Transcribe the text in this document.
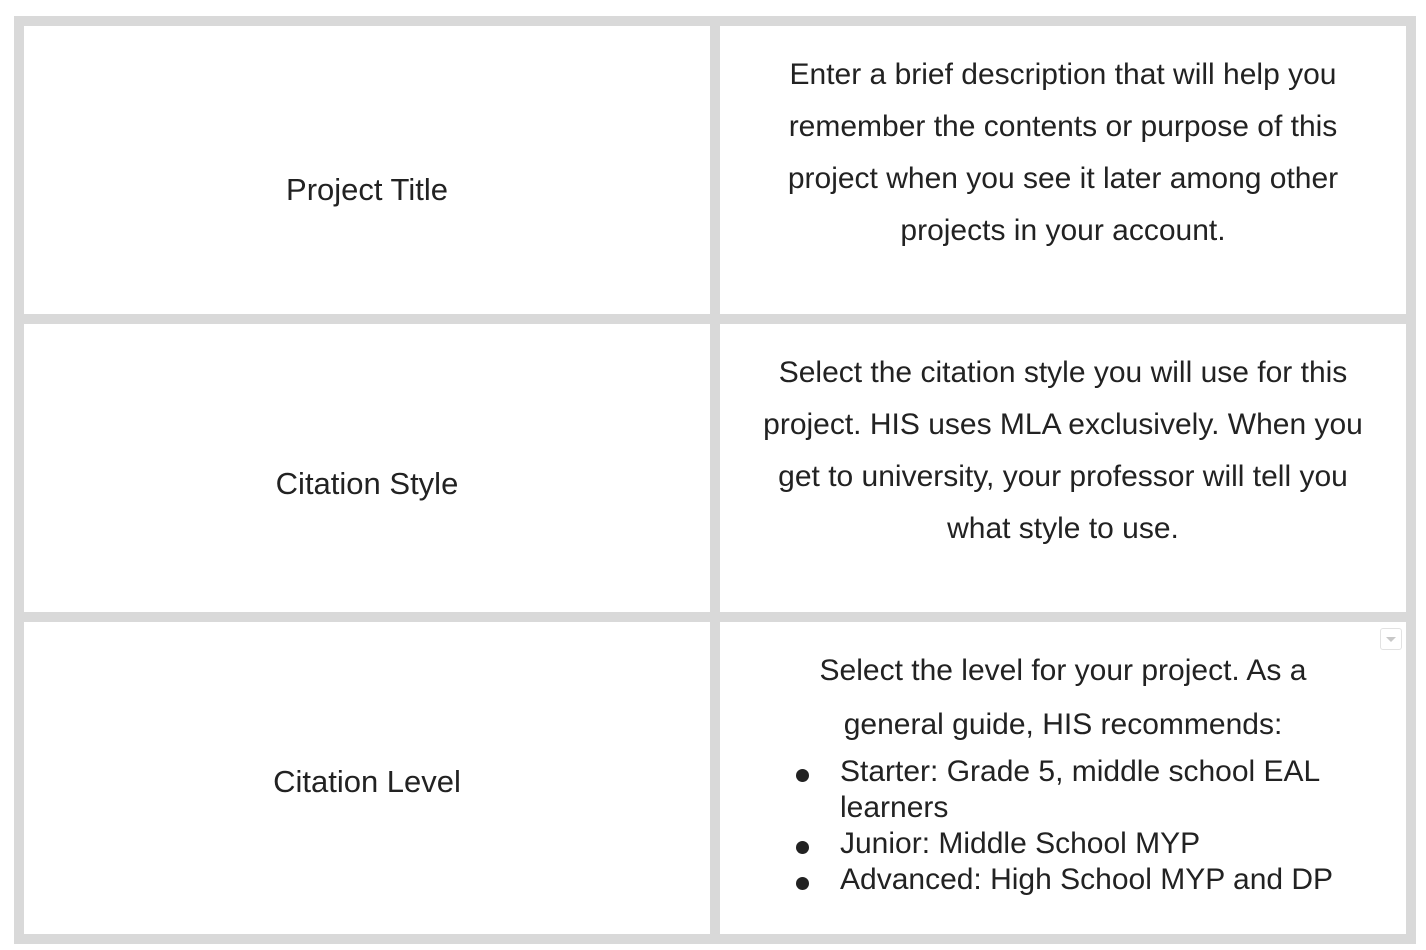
Project Title
Enter a brief description that will help you remember the contents or purpose of this project when you see it later among other projects in your account.
Citation Style
Select the citation style you will use for this project. HIS uses MLA exclusively. When you get to university, your professor will tell you what style to use.
Citation Level
Select the level for your project. As a general guide, HIS recommends:
Starter: Grade 5, middle school EAL learners
Junior: Middle School MYP
Advanced: High School MYP and DP
